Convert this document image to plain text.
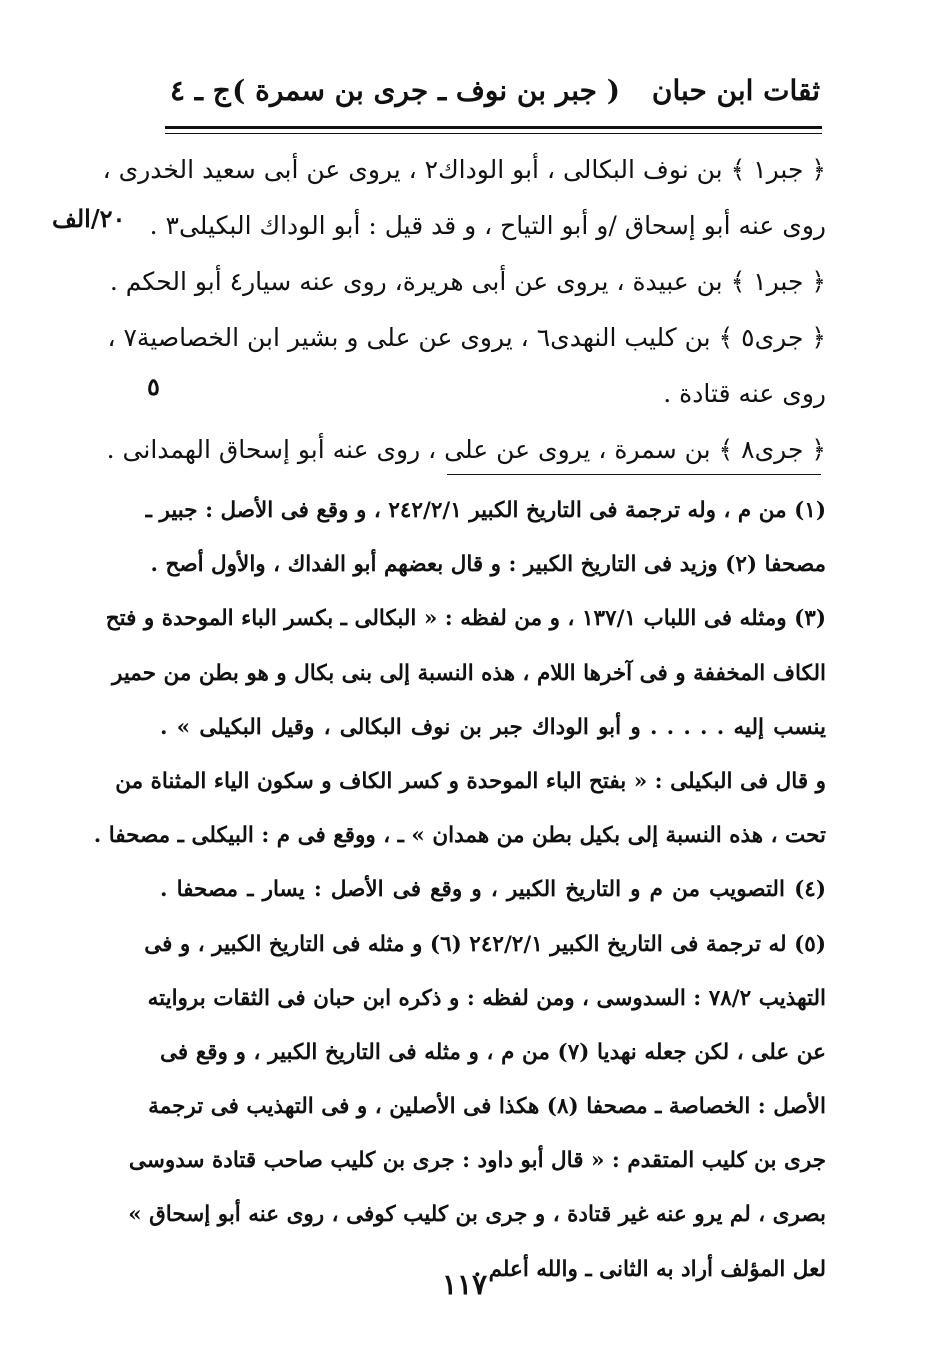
ثقات ابن حبان
( جبر بن نوف ـ جرى بن سمرة )
ج ـ ٤
٢٠/الف
٥
﴿ جبر١ ﴾ بن نوف البكالى ، أبو الوداك٢ ، يروى عن أبى سعيد الخدرى ،
روى عنه أبو إسحاق /و أبو التياح ، و قد قيل : أبو الوداك البكيلى٣ .
﴿ جبر١ ﴾ بن عبيدة ، يروى عن أبى هريرة، روى عنه سيار٤ أبو الحكم .
﴿ جرى٥ ﴾ بن كليب النهدى٦ ، يروى عن على و بشير ابن الخصاصية٧ ،
روى عنه قتادة .
﴿ جرى٨ ﴾ بن سمرة ، يروى عن على ، روى عنه أبو إسحاق الهمدانى .
(١) من م ، وله ترجمة فى التاريخ الكبير ٢٤٢/٢/١ ، و وقع فى الأصل : جبير ـ
مصحفا (٢) وزيد فى التاريخ الكبير : و قال بعضهم أبو الفداك ، والأول أصح .
(٣) ومثله فى اللباب ١٣٧/١ ، و من لفظه : « البكالى ـ بكسر الباء الموحدة و فتح
الكاف المخففة و فى آخرها اللام ، هذه النسبة إلى بنى بكال و هو بطن من حمير
ينسب إليه . . . . . و أبو الوداك جبر بن نوف البكالى ، وقيل البكيلى » .
و قال فى البكيلى : « بفتح الباء الموحدة و كسر الكاف و سكون الياء المثناة من
تحت ، هذه النسبة إلى بكيل بطن من همدان » ـ ، ووقع فى م : البيكلى ـ مصحفا .
(٤) التصويب من م و التاريخ الكبير ، و وقع فى الأصل : يسار ـ مصحفا .
(٥) له ترجمة فى التاريخ الكبير ٢٤٢/٢/١ (٦) و مثله فى التاريخ الكبير ، و فى
التهذيب ٧٨/٢ : السدوسى ، ومن لفظه : و ذكره ابن حبان فى الثقات بروايته
عن على ، لكن جعله نهديا (٧) من م ، و مثله فى التاريخ الكبير ، و وقع فى
الأصل : الخصاصة ـ مصحفا (٨) هكذا فى الأصلين ، و فى التهذيب فى ترجمة
جرى بن كليب المتقدم : « قال أبو داود : جرى بن كليب صاحب قتادة سدوسى
بصرى ، لم يرو عنه غير قتادة ، و جرى بن كليب كوفى ، روى عنه أبو إسحاق »
لعل المؤلف أراد به الثانى ـ والله أعلم .
١١٧
